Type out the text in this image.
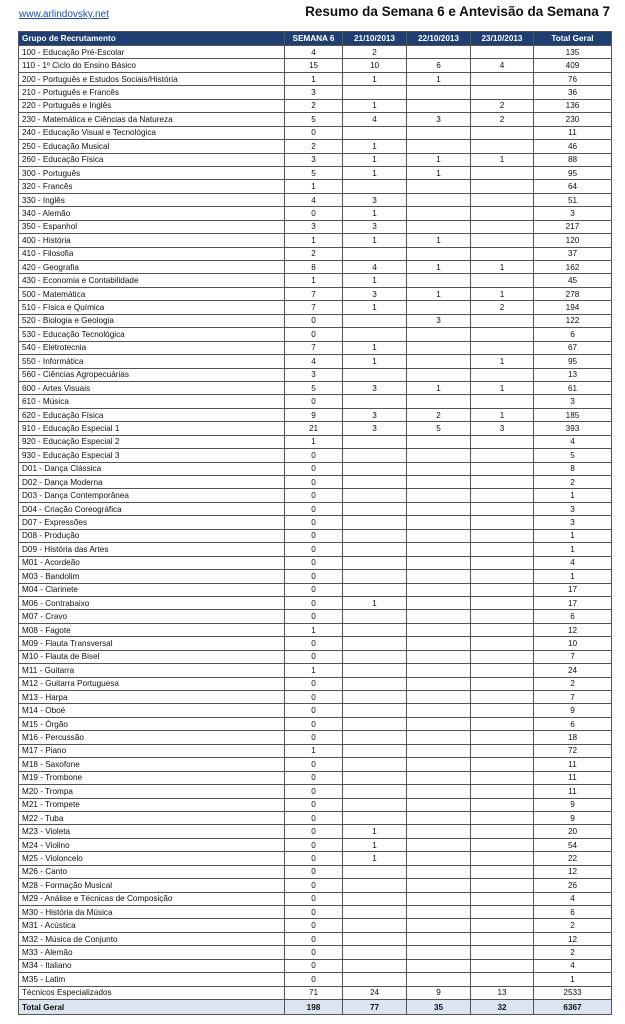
www.arlindovsky.net	Resumo da Semana 6 e Antevisão da Semana 7
Grupo de Recrutamento	SEMANA 6	21/10/2013	22/10/2013	23/10/2013	Total Geral
100 - Educação Pré-Escolar	4	2			135
110 - 1º Ciclo do Ensino Básico	15	10	6	4	409
200 - Português e Estudos Sociais/História	1	1	1		76
210 - Português e Francês	3				36
220 - Português e Inglês	2	1		2	136
230 - Matemática e Ciências da Natureza	5	4	3	2	230
240 - Educação Visual e Tecnológica	0				11
250 - Educação Musical	2	1			46
260 - Educação Física	3	1	1	1	88
300 - Português	5	1	1		95
320 - Francês	1				64
330 - Inglês	4	3			51
340 - Alemão	0	1			3
350 - Espanhol	3	3			217
400 - História	1	1	1		120
410 - Filosofia	2				37
420 - Geografia	8	4	1	1	162
430 - Economia e Contabilidade	1	1			45
500 - Matemática	7	3	1	1	278
510 - Física e Química	7	1		2	194
520 - Biologia e Geologia	0		3		122
530 - Educação Tecnológica	0				6
540 - Eletrotecnia	7	1			67
550 - Informática	4	1		1	95
560 - Ciências Agropecuárias	3				13
600 - Artes Visuais	5	3	1	1	61
610 - Música	0				3
620 - Educação Física	9	3	2	1	185
910 - Educação Especial 1	21	3	5	3	393
920 - Educação Especial 2	1				4
930 - Educação Especial 3	0				5
D01 - Dança Clássica	0				8
D02 - Dança Moderna	0				2
D03 - Dança Contemporânea	0				1
D04 - Criação Coreográfica	0				3
D07 - Expressões	0				3
D08 - Produção	0				1
D09 - História das Artes	0				1
M01 - Acordeão	0				4
M03 - Bandolim	0				1
M04 - Clarinete	0				17
M06 - Contrabaixo	0	1			17
M07 - Cravo	0				6
M08 - Fagote	1				12
M09 - Flauta Transversal	0				10
M10 - Flauta de Bisel	0				7
M11 - Guitarra	1				24
M12 - Guitarra Portuguesa	0				2
M13 - Harpa	0				7
M14 - Oboé	0				9
M15 - Órgão	0				6
M16 - Percussão	0				18
M17 - Piano	1				72
M18 - Saxofone	0				11
M19 - Trombone	0				11
M20 - Trompa	0				11
M21 - Trompete	0				9
M22 - Tuba	0				9
M23 - Violeta	0	1			20
M24 - Violino	0	1			54
M25 - Violoncelo	0	1			22
M26 - Canto	0				12
M28 - Formação Musical	0				26
M29 - Análise e Técnicas de Composição	0				4
M30 - História da Música	0				6
M31 - Acústica	0				2
M32 - Música de Conjunto	0				12
M33 - Alemão	0				2
M34 - Italiano	0				4
M35 - Latim	0				1
Técnicos Especializados	71	24	9	13	2533
Total Geral	198	77	35	32	6367
